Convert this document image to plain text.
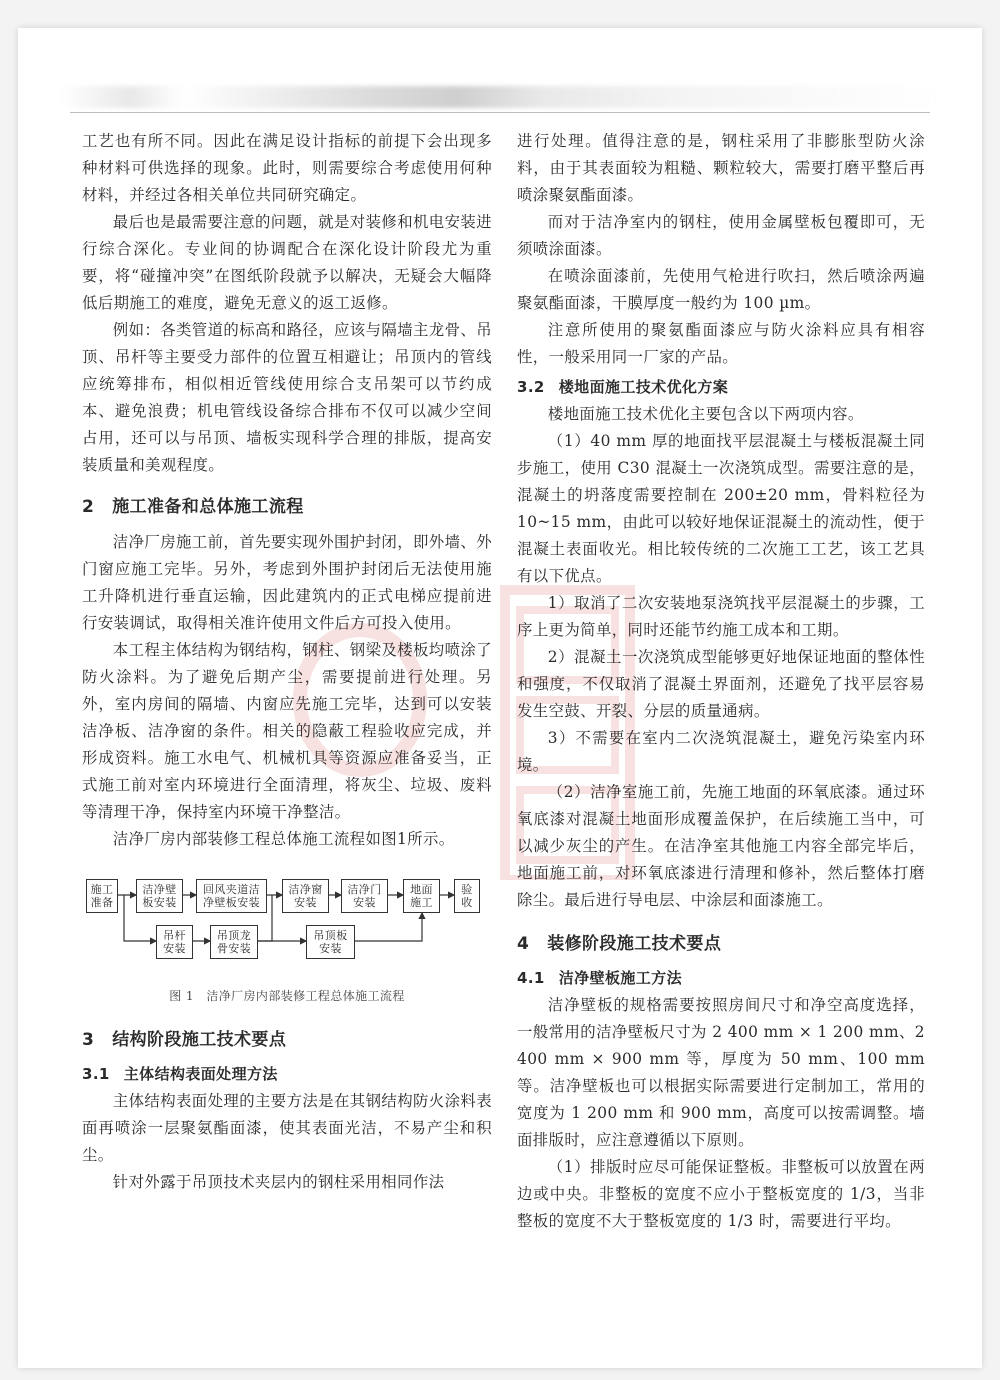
工艺也有所不同。因此在满足设计指标的前提下会出现多种材料可供选择的现象。此时，则需要综合考虑使用何种材料，并经过各相关单位共同研究确定。

最后也是最需要注意的问题，就是对装修和机电安装进行综合深化。专业间的协调配合在深化设计阶段尤为重要，将“碰撞冲突”在图纸阶段就予以解决，无疑会大幅降低后期施工的难度，避免无意义的返工返修。

例如：各类管道的标高和路径，应该与隔墙主龙骨、吊顶、吊杆等主要受力部件的位置互相避让；吊顶内的管线应统筹排布，相似相近管线使用综合支吊架可以节约成本、避免浪费；机电管线设备综合排布不仅可以减少空间占用，还可以与吊顶、墙板实现科学合理的排版，提高安装质量和美观程度。

2 施工准备和总体施工流程

洁净厂房施工前，首先要实现外围护封闭，即外墙、外门窗应施工完毕。另外，考虑到外围护封闭后无法使用施工升降机进行垂直运输，因此建筑内的正式电梯应提前进行安装调试，取得相关准许使用文件后方可投入使用。

本工程主体结构为钢结构，钢柱、钢梁及楼板均喷涂了防火涂料。为了避免后期产尘，需要提前进行处理。另外，室内房间的隔墙、内窗应先施工完毕，达到可以安装洁净板、洁净窗的条件。相关的隐蔽工程验收应完成，并形成资料。施工水电气、机械机具等资源应准备妥当，正式施工前对室内环境进行全面清理，将灰尘、垃圾、废料等清理干净，保持室内环境干净整洁。

洁净厂房内部装修工程总体施工流程如图1所示。

施工准备
洁净壁板安装
回风夹道洁净壁板安装
洁净窗安装
洁净门安装
地面施工
验收
吊杆安装
吊顶龙骨安装
吊顶板安装
图 1　洁净厂房内部装修工程总体施工流程
3 结构阶段施工技术要点
3.1 主体结构表面处理方法

主体结构表面处理的主要方法是在其钢结构防火涂料表面再喷涂一层聚氨酯面漆，使其表面光洁，不易产尘和积尘。

针对外露于吊顶技术夹层内的钢柱采用相同作法

进行处理。值得注意的是，钢柱采用了非膨胀型防火涂料，由于其表面较为粗糙、颗粒较大，需要打磨平整后再喷涂聚氨酯面漆。

而对于洁净室内的钢柱，使用金属壁板包覆即可，无须喷涂面漆。

在喷涂面漆前，先使用气枪进行吹扫，然后喷涂两遍聚氨酯面漆，干膜厚度一般约为 100 µm。

注意所使用的聚氨酯面漆应与防火涂料应具有相容性，一般采用同一厂家的产品。

3.2 楼地面施工技术优化方案

楼地面施工技术优化主要包含以下两项内容。

（1）40 mm 厚的地面找平层混凝土与楼板混凝土同步施工，使用 C30 混凝土一次浇筑成型。需要注意的是，混凝土的坍落度需要控制在 200±20 mm，骨料粒径为 10~15 mm，由此可以较好地保证混凝土的流动性，便于混凝土表面收光。相比较传统的二次施工工艺，该工艺具有以下优点。

1）取消了二次安装地泵浇筑找平层混凝土的步骤，工序上更为简单，同时还能节约施工成本和工期。

2）混凝土一次浇筑成型能够更好地保证地面的整体性和强度，不仅取消了混凝土界面剂，还避免了找平层容易发生空鼓、开裂、分层的质量通病。

3）不需要在室内二次浇筑混凝土，避免污染室内环境。

（2）洁净室施工前，先施工地面的环氧底漆。通过环氧底漆对混凝土地面形成覆盖保护，在后续施工当中，可以减少灰尘的产生。在洁净室其他施工内容全部完毕后，地面施工前，对环氧底漆进行清理和修补，然后整体打磨除尘。最后进行导电层、中涂层和面漆施工。

4 装修阶段施工技术要点
4.1 洁净壁板施工方法

洁净壁板的规格需要按照房间尺寸和净空高度选择，一般常用的洁净壁板尺寸为 2 400 mm × 1 200 mm、2 400 mm × 900 mm 等，厚度为 50 mm、100 mm 等。洁净壁板也可以根据实际需要进行定制加工，常用的宽度为 1 200 mm 和 900 mm，高度可以按需调整。墙面排版时，应注意遵循以下原则。

（1）排版时应尽可能保证整板。非整板可以放置在两边或中央。非整板的宽度不应小于整板宽度的 1/3，当非整板的宽度不大于整板宽度的 1/3 时，需要进行平均。
